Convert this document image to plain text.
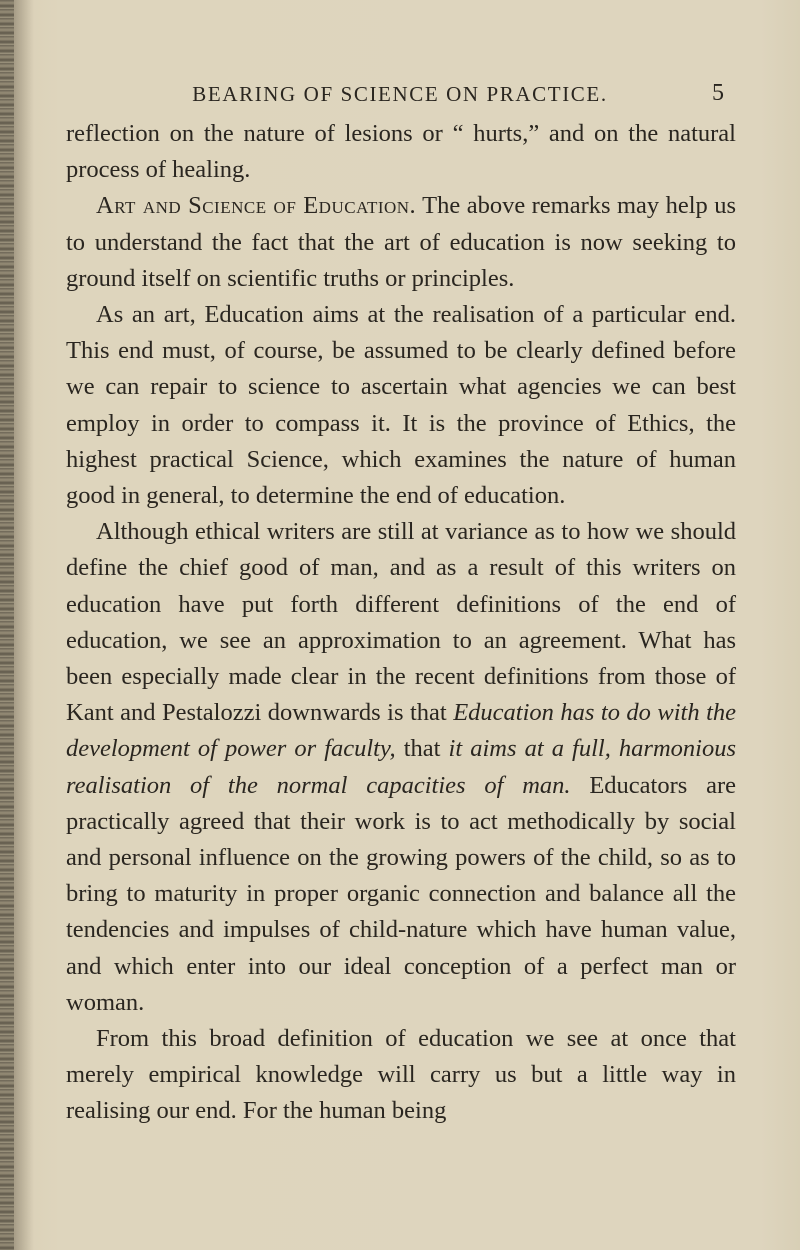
BEARING OF SCIENCE ON PRACTICE.	5

reflection on the nature of lesions or “ hurts,” and on the natural process of healing.

Art and Science of Education. The above remarks may help us to understand the fact that the art of education is now seeking to ground itself on scientific truths or principles.

As an art, Education aims at the realisation of a particular end. This end must, of course, be assumed to be clearly defined before we can repair to science to ascertain what agencies we can best employ in order to compass it. It is the province of Ethics, the highest practical Science, which examines the nature of human good in general, to determine the end of education.

Although ethical writers are still at variance as to how we should define the chief good of man, and as a result of this writers on education have put forth different definitions of the end of education, we see an approximation to an agreement. What has been especially made clear in the recent definitions from those of Kant and Pestalozzi downwards is that Education has to do with the development of power or faculty, that it aims at a full, harmonious realisation of the normal capacities of man. Educators are practically agreed that their work is to act methodically by social and personal influence on the growing powers of the child, so as to bring to maturity in proper organic connection and balance all the tendencies and impulses of child-nature which have human value, and which enter into our ideal conception of a perfect man or woman.

From this broad definition of education we see at once that merely empirical knowledge will carry us but a little way in realising our end. For the human being
